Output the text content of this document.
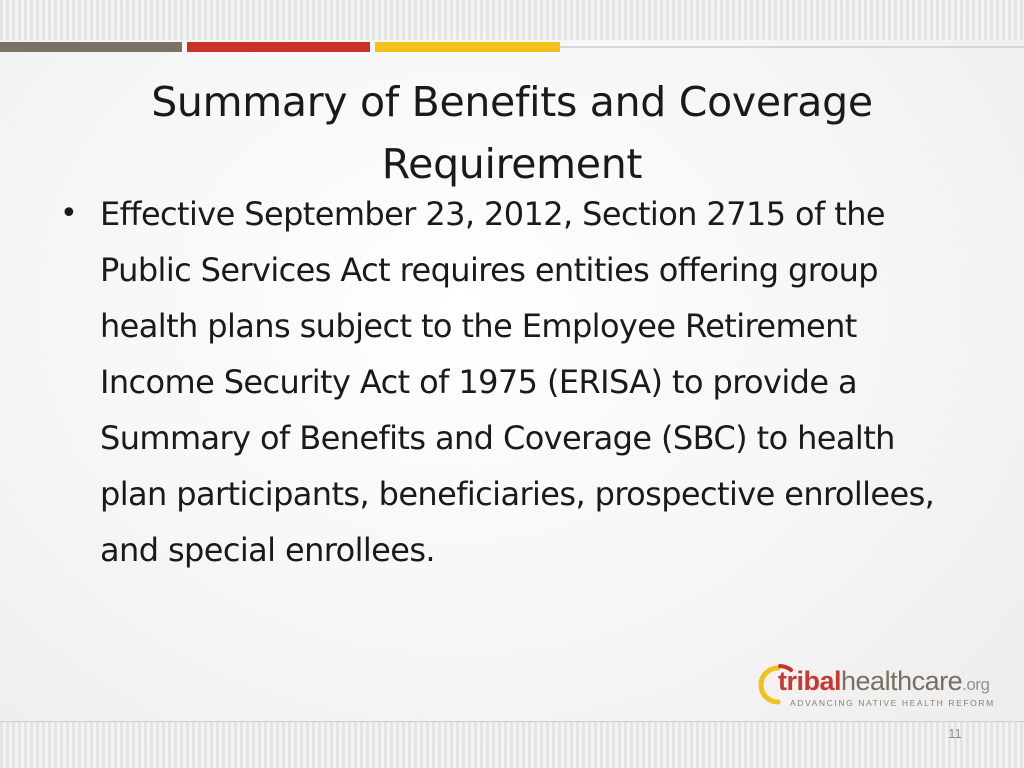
Summary of Benefits and Coverage Requirement
• Effective September 23, 2012, Section 2715 of the Public Services Act requires entities offering group health plans subject to the Employee Retirement Income Security Act of 1975 (ERISA) to provide a Summary of Benefits and Coverage (SBC) to health plan participants, beneficiaries, prospective enrollees, and special enrollees.
tribalhealthcare.org
ADVANCING NATIVE HEALTH REFORM
11
